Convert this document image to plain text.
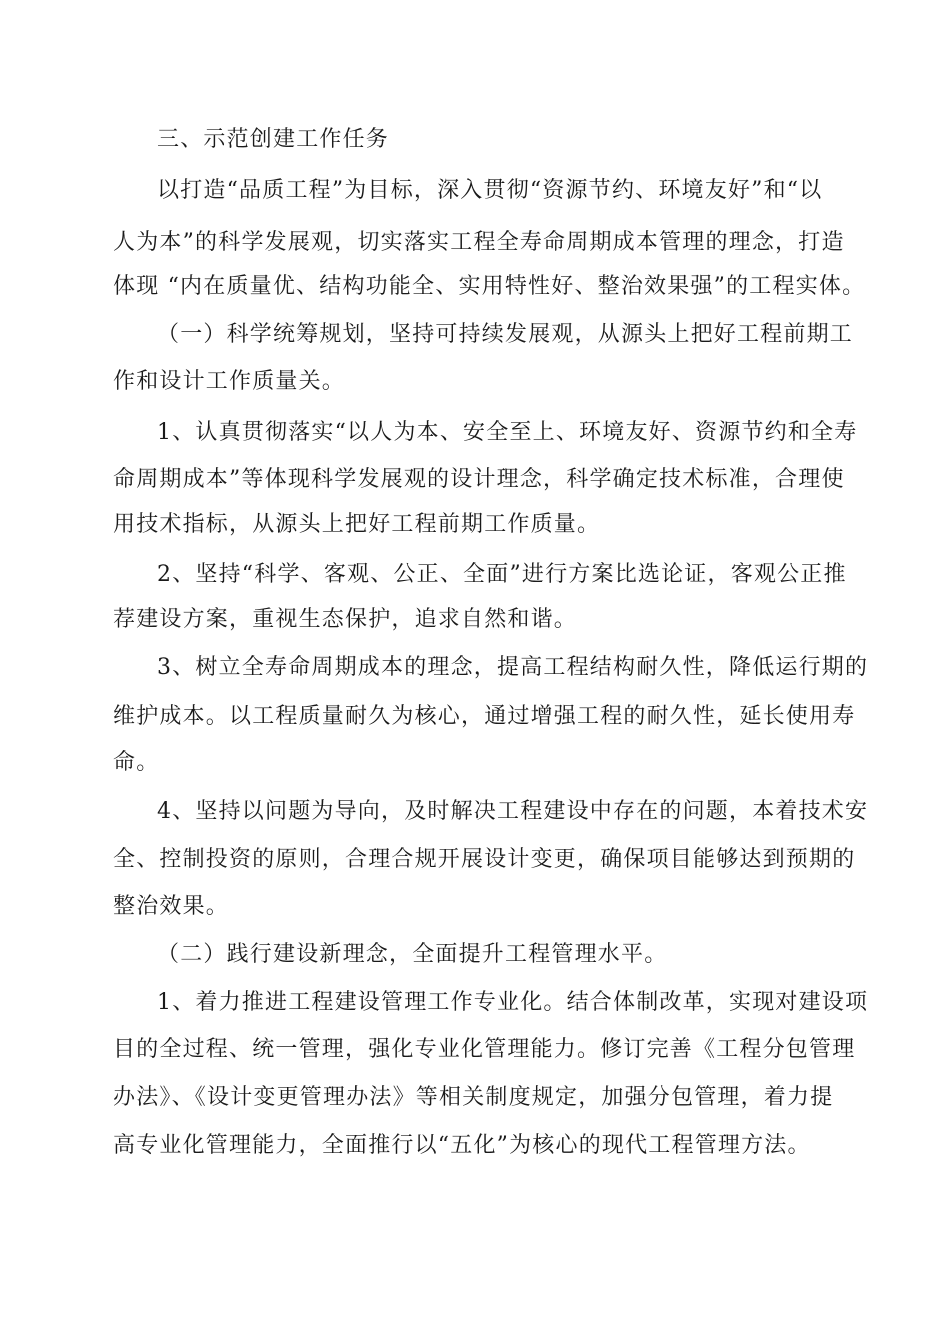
三、示范创建工作任务
以打造“品质工程”为目标，深入贯彻“资源节约、环境友好”和“以
人为本”的科学发展观，切实落实工程全寿命周期成本管理的理念，打造
体现 “内在质量优、结构功能全、实用特性好、整治效果强”的工程实体。
（一）科学统筹规划，坚持可持续发展观，从源头上把好工程前期工
作和设计工作质量关。
1、认真贯彻落实“以人为本、安全至上、环境友好、资源节约和全寿
命周期成本”等体现科学发展观的设计理念，科学确定技术标准，合理使
用技术指标，从源头上把好工程前期工作质量。
2、坚持“科学、客观、公正、全面”进行方案比选论证，客观公正推
荐建设方案，重视生态保护，追求自然和谐。
3、树立全寿命周期成本的理念，提高工程结构耐久性，降低运行期的
维护成本。以工程质量耐久为核心，通过增强工程的耐久性，延长使用寿
命。
4、坚持以问题为导向，及时解决工程建设中存在的问题，本着技术安
全、控制投资的原则，合理合规开展设计变更，确保项目能够达到预期的
整治效果。
（二）践行建设新理念，全面提升工程管理水平。
1、着力推进工程建设管理工作专业化。结合体制改革，实现对建设项
目的全过程、统一管理，强化专业化管理能力。修订完善《工程分包管理
办法》、《设计变更管理办法》等相关制度规定，加强分包管理，着力提
高专业化管理能力，全面推行以“五化”为核心的现代工程管理方法。
